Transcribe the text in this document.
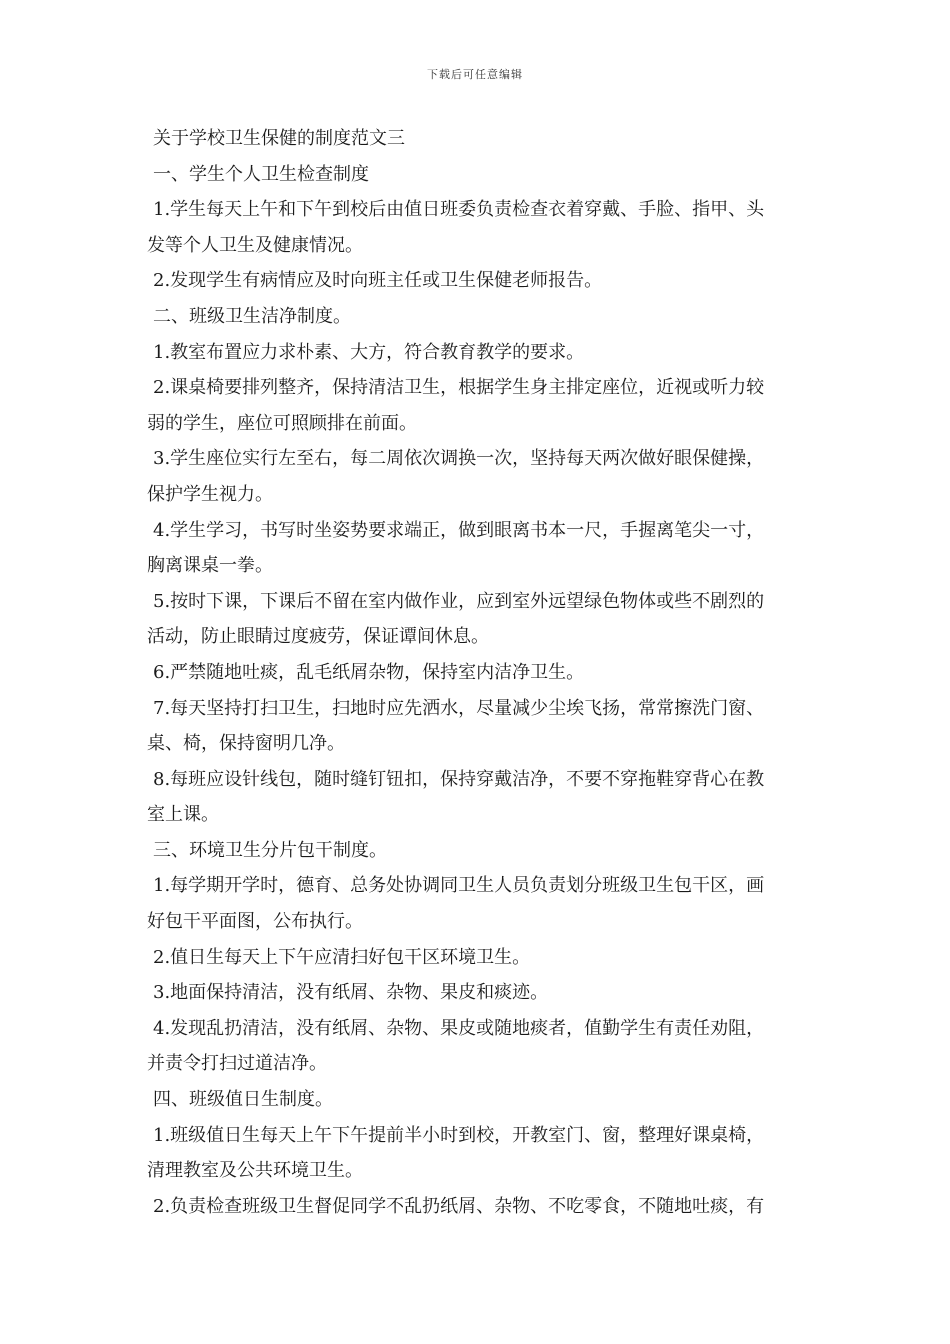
下载后可任意编辑
关于学校卫生保健的制度范文三
一、学生个人卫生检查制度
1.学生每天上午和下午到校后由值日班委负责检查衣着穿戴、手脸、指甲、头
发等个人卫生及健康情况。
2.发现学生有病情应及时向班主任或卫生保健老师报告。
二、班级卫生洁净制度。
1.教室布置应力求朴素、大方，符合教育教学的要求。
2.课桌椅要排列整齐，保持清洁卫生，根据学生身主排定座位，近视或听力较
弱的学生，座位可照顾排在前面。
3.学生座位实行左至右，每二周依次调换一次，坚持每天两次做好眼保健操，
保护学生视力。
4.学生学习，书写时坐姿势要求端正，做到眼离书本一尺，手握离笔尖一寸，
胸离课桌一拳。
5.按时下课，下课后不留在室内做作业，应到室外远望绿色物体或些不剧烈的
活动，防止眼睛过度疲劳，保证谭间休息。
6.严禁随地吐痰，乱毛纸屑杂物，保持室内洁净卫生。
7.每天坚持打扫卫生，扫地时应先洒水，尽量减少尘埃飞扬，常常擦洗门窗、
桌、椅，保持窗明几净。
8.每班应设针线包，随时缝钉钮扣，保持穿戴洁净，不要不穿拖鞋穿背心在教
室上课。
三、环境卫生分片包干制度。
1.每学期开学时，德育、总务处协调同卫生人员负责划分班级卫生包干区，画
好包干平面图，公布执行。
2.值日生每天上下午应清扫好包干区环境卫生。
3.地面保持清洁，没有纸屑、杂物、果皮和痰迹。
4.发现乱扔清洁，没有纸屑、杂物、果皮或随地痰者，值勤学生有责任劝阻，
并责令打扫过道洁净。
四、班级值日生制度。
1.班级值日生每天上午下午提前半小时到校，开教室门、窗，整理好课桌椅，
清理教室及公共环境卫生。
2.负责检查班级卫生督促同学不乱扔纸屑、杂物、不吃零食，不随地吐痰，有
